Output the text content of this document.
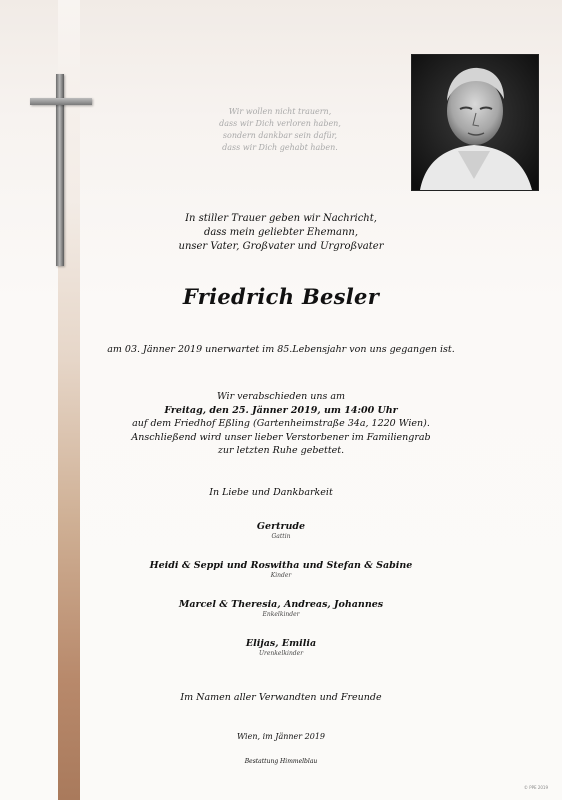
Wir wollen nicht trauern,
dass wir Dich verloren haben,
sondern dankbar sein dafür,
dass wir Dich gehabt haben.
In stiller Trauer geben wir Nachricht,
dass mein geliebter Ehemann,
unser Vater, Großvater und Urgroßvater
Friedrich Besler
am 03. Jänner 2019 unerwartet im 85.Lebensjahr von uns gegangen ist.
Wir verabschieden uns am
Freitag, den 25. Jänner 2019, um 14:00 Uhr
auf dem Friedhof Eßling (Gartenheimstraße 34a, 1220 Wien).
Anschließend wird unser lieber Verstorbener im Familiengrab
zur letzten Ruhe gebettet.
In Liebe und Dankbarkeit
Gertrude
Gattin
Heidi & Seppi und Roswitha und Stefan & Sabine
Kinder
Marcel & Theresia, Andreas, Johannes
Enkelkinder
Elijas, Emilia
Urenkelkinder
Im Namen aller Verwandten und Freunde
Wien, im Jänner 2019
Bestattung Himmelblau
© PPE 2019
